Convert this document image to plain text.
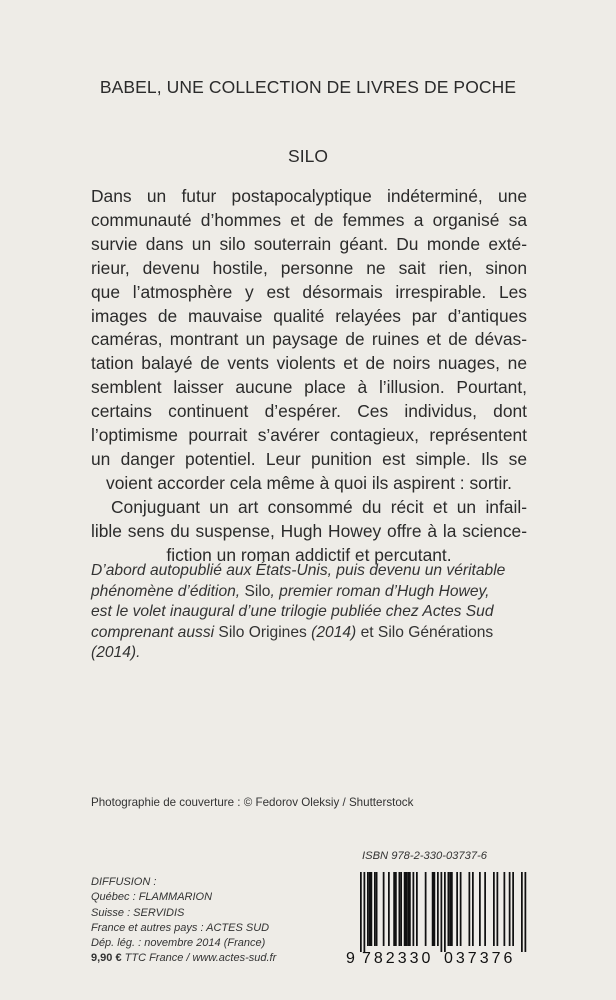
BABEL, UNE COLLECTION DE LIVRES DE POCHE
SILO
Dans un futur postapocalyptique indéterminé, une
communauté d’hommes et de femmes a organisé sa
survie dans un silo souterrain géant. Du monde exté-
rieur, devenu hostile, personne ne sait rien, sinon
que l’atmosphère y est désormais irrespirable. Les
images de mauvaise qualité relayées par d’antiques
caméras, montrant un paysage de ruines et de dévas-
tation balayé de vents violents et de noirs nuages, ne
semblent laisser aucune place à l’illusion. Pourtant,
certains continuent d’espérer. Ces individus, dont
l’optimisme pourrait s’avérer contagieux, représentent
un danger potentiel. Leur punition est simple. Ils se
voient accorder cela même à quoi ils aspirent : sortir.
Conjuguant un art consommé du récit et un infail-
lible sens du suspense, Hugh Howey offre à la science-
fiction un roman addictif et percutant.
D’abord autopublié aux États-Unis, puis devenu un véritable
phénomène d’édition, Silo, premier roman d’Hugh Howey,
est le volet inaugural d’une trilogie publiée chez Actes Sud
comprenant aussi Silo Origines (2014) et Silo Générations
(2014).
Photographie de couverture : © Fedorov Oleksiy / Shutterstock
ISBN 978-2-330-03737-6
DIFFUSION :
Québec : FLAMMARION
Suisse : SERVIDIS
France et autres pays : ACTES SUD
Dép. lég. : novembre 2014 (France)
9,90 € TTC France / www.actes-sud.fr	9 782330 037376
